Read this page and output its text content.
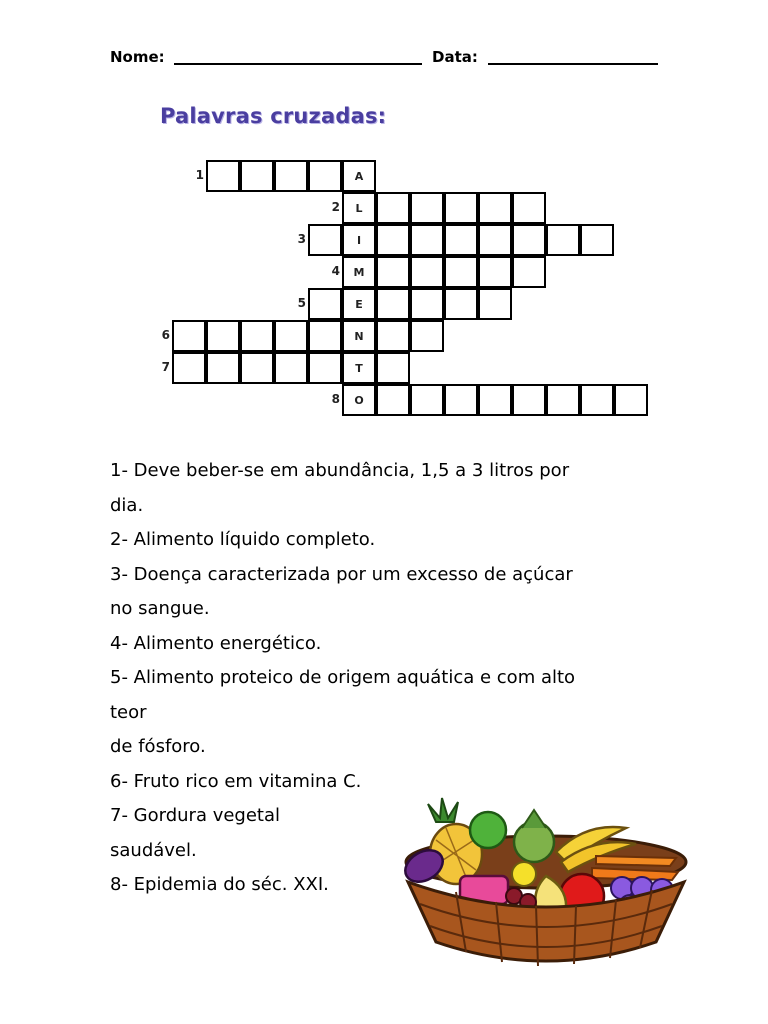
Nome:	Data:
Palavras cruzadas:
A
1
L
2
I
3
M
4
E
5
N
6
T
7
O
8

1- Deve beber-se em abundância, 1,5 a 3 litros por

dia.

2- Alimento líquido completo.

3- Doença caracterizada por um excesso de açúcar

no sangue.

4- Alimento energético.

5- Alimento proteico de origem aquática e com alto

teor

de fósforo.

6- Fruto rico em vitamina C.

7- Gordura vegetal

saudável.

8- Epidemia do séc. XXI.
